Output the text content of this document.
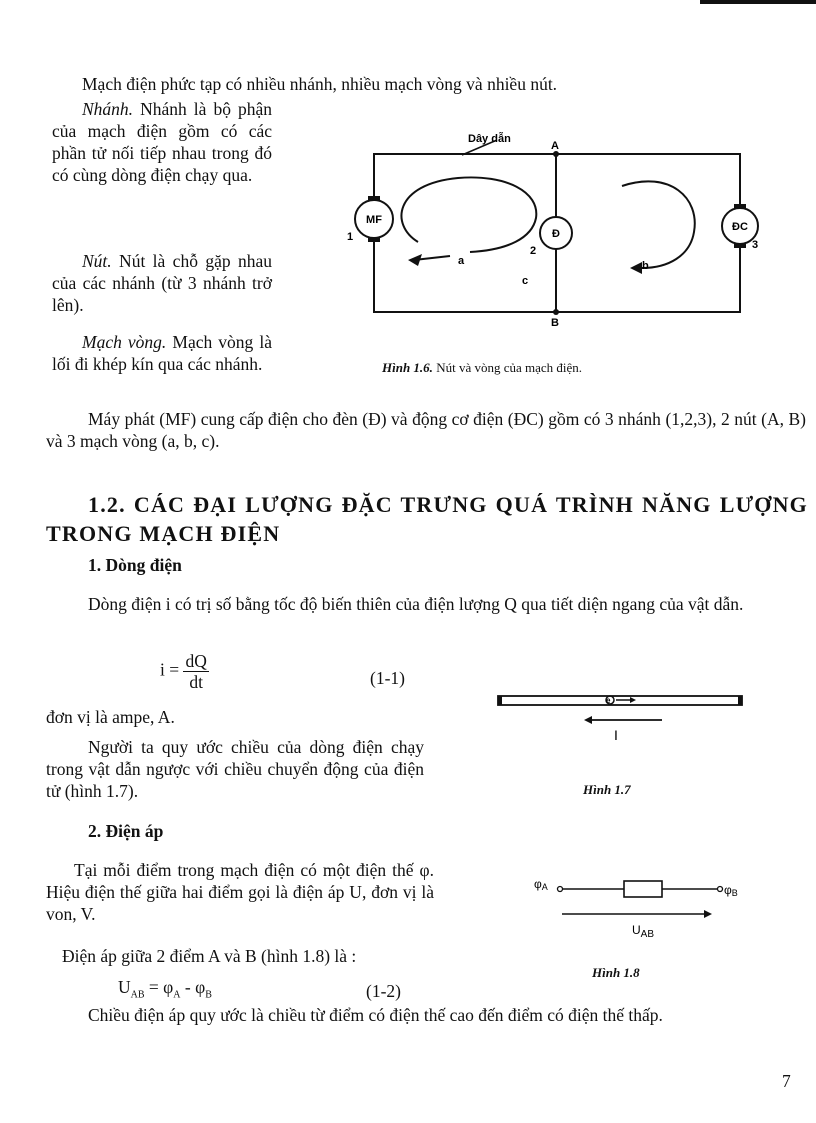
Mạch điện phức tạp có nhiều nhánh, nhiều mạch vòng và nhiều nút.

Nhánh. Nhánh là bộ phận của mạch điện gồm có các phần tử nối tiếp nhau trong đó có cùng dòng điện chạy qua.

Nút. Nút là chỗ gặp nhau của các nhánh (từ 3 nhánh trở lên).

Mạch vòng. Mạch vòng là lối đi khép kín qua các nhánh.

Dây dẫn
A
B
MF
1	Đ
2
ĐC
3
a	b
c

Hình 1.6. Nút và vòng của mạch điện.

Máy phát (MF) cung cấp điện cho đèn (Đ) và động cơ điện (ĐC) gồm có 3 nhánh (1,2,3), 2 nút (A, B) và 3 mạch vòng (a, b, c).

1.2. CÁC ĐẠI LƯỢNG ĐẶC TRƯNG QUÁ TRÌNH NĂNG LƯỢNG TRONG MẠCH ĐIỆN

1. Dòng điện

Dòng điện i có trị số bằng tốc độ biến thiên của điện lượng Q qua tiết diện ngang của vật dẫn.

$i = \frac{dQ}{dt}$	(1-1)

đơn vị là ampe, A.

Người ta quy ước chiều của dòng điện chạy trong vật dẫn ngược với chiều chuyển động của điện tử (hình 1.7).

e
I

Hình 1.7

2. Điện áp

Tại mỗi điểm trong mạch điện có một điện thế φ. Hiệu điện thế giữa hai điểm gọi là điện áp U, đơn vị là von, V.

Điện áp giữa 2 điểm A và B (hình 1.8) là :

$U_{AB} = \varphi_A - \varphi_B$	(1-2)

Chiều điện áp quy ước là chiều từ điểm có điện thế cao đến điểm có điện thế thấp.

φA	φB
$U_{AB}$

Hình 1.8

7
